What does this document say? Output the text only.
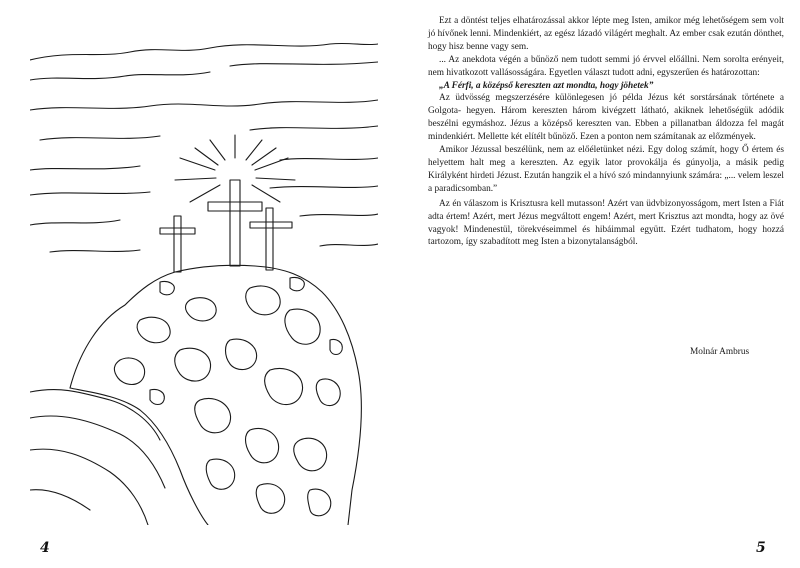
4

Ezt a döntést teljes elhatározással akkor lépte meg Isten, amikor még lehetőségem sem volt jó hívőnek lenni. Mindenkiért, az egész lázadó világért meghalt. Az ember csak ezután dönthet, hogy hisz benne vagy sem.

... Az anekdota végén a bűnöző nem tudott semmi jó érvvel előállni. Nem sorolta erényeit, nem hivatkozott vallásosságára. Egyetlen választ tudott adni, egyszerűen és határozottan:

„A Férfi, a középső kereszten azt mondta, hogy jöhetek”

Az üdvösség megszerzésére különlegesen jó példa Jézus két sorstársának története a Golgota- hegyen. Három kereszten három kivégzett látható, akiknek lehetőségük adódik beszélni egymáshoz. Jézus a középső kereszten van. Ebben a pillanatban áldozza fel magát mindenkiért. Mellette két elítélt bűnöző. Ezen a ponton nem számítanak az előzmények.

Amikor Jézussal beszélünk, nem az előéletünket nézi. Egy dolog számít, hogy Ő értem és helyettem halt meg a kereszten. Az egyik lator provokálja és gúnyolja, a másik pedig Királyként hirdeti Jézust. Ezután hangzik el a hívó szó mindannyiunk számára: „... velem leszel a paradicsomban.”

Az én válaszom is Krisztusra kell mutasson! Azért van üdvbizonyosságom, mert Isten a Fiát adta értem! Azért, mert Jézus megváltott engem! Azért, mert Krisztus azt mondta, hogy az övé vagyok! Mindenestül, törekvéseimmel és hibáimmal együtt. Ezért tudhatom, hogy hozzá tartozom, így szabadított meg Isten a bizonytalanságból.

Molnár Ambrus
5
